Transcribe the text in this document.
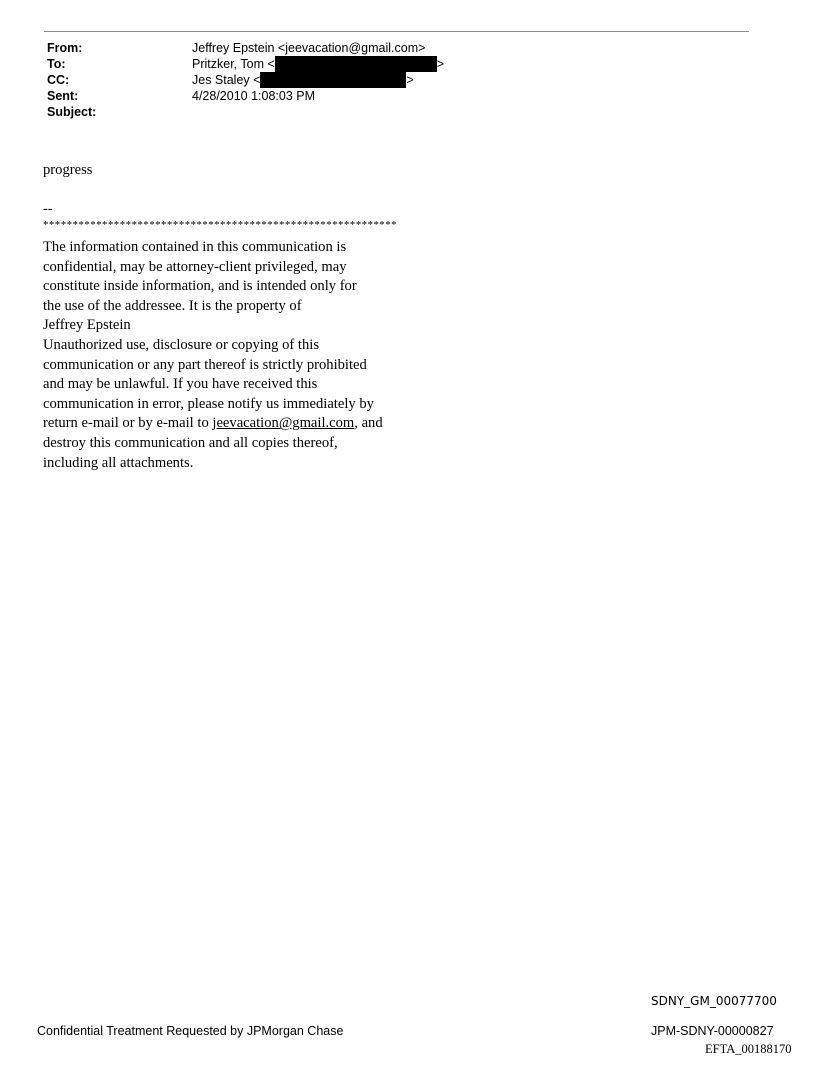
From:	Jeffrey Epstein <jeevacation@gmail.com>
To:	Pritzker, Tom <	>
CC:	Jes Staley <	>
Sent:	4/28/2010 1:08:03 PM
Subject:
progress
--
************************************************************
The information contained in this communication is
confidential, may be attorney-client privileged, may
constitute inside information, and is intended only for
the use of the addressee. It is the property of
Jeffrey Epstein
Unauthorized use, disclosure or copying of this
communication or any part thereof is strictly prohibited
and may be unlawful. If you have received this
communication in error, please notify us immediately by
return e-mail or by e-mail to jeevacation@gmail.com, and
destroy this communication and all copies thereof,
including all attachments.
SDNY_GM_00077700
Confidential Treatment Requested by JPMorgan Chase	JPM-SDNY-00000827
EFTA_00188170
